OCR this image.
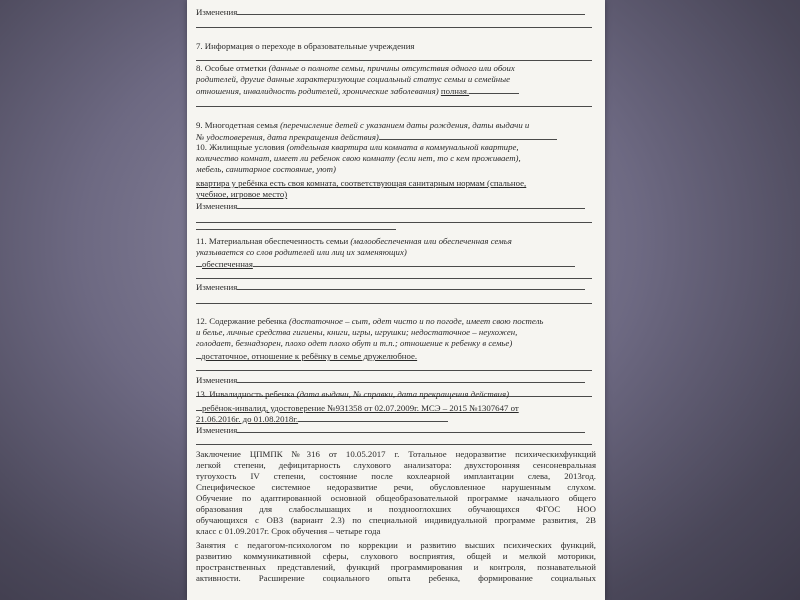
Изменения
7. Информация о переходе в образовательные учреждения
8. Особые отметки (данные о полноте семьи, причины отсутствия одного или обоих
родителей, другие данные характеризующие социальный статус семьи и семейные
отношения, инвалидность родителей, хронические заболевания) полная.
9. Многодетная семья (перечисление детей с указанием даты рождения, даты выдачи и
№ удостоверения, дата прекращения действия)
10. Жилищные условия (отдельная квартира или комната в коммунальной квартире,
количество комнат, имеет ли ребенок свою комнату (если нет, то с кем проживает),
мебель, санитарное состояние, уют)
квартира у ребёнка есть своя комната, соответствующая санитарным нормам (спальное,
учебное, игровое место)
Изменения
11. Материальная обеспеченность семьи (малообеспеченная или обеспеченная семья
указывается со слов родителей или лиц их заменяющих)
обеспеченная
Изменения
12. Содержание ребенка (достаточное – сыт, одет чисто и по погоде, имеет свою постель
и белье, личные средства гигиены, книги, игры, игрушки; недостаточное – неухожен,
голодает, безнадзорен, плохо одет плохо обут и т.п.; отношение к ребенку в семье)
достаточное, отношение к ребёнку в семье дружелюбное.
Изменения
13. Инвалидность ребенка (дата выдачи, № справки, дата прекращения действия)
ребёнок-инвалид, удостоверение №931358 от 02.07.2009г. МСЭ – 2015 №1307647 от
21.06.2016г. до 01.08.2018г.
Изменения
Заключение ЦПМПК №316 от 10.05.2017 г. Тотальное недоразвитие психическихфункций
легкой степени, дефицитарность слухового анализатора: двухсторонняя сенсоневральная
тугоухость IV степени, состояние после кохлеарной имплантации слева, 2013год.
Специфическое системное недоразвитие речи, обусловленное нарушенным слухом.
Обучение по адаптированной основной общеобразовательной программе начального общего
образования для слабослышащих и позднооглохших обучающихся ФГОС НОО
обучающихся с ОВЗ (вариант 2.3) по специальной индивидуальной программе развития, 2В
класс с 01.09.2017г. Срок обучения – четыре года
Занятия с педагогом-психологом по коррекции и развитию высших психических функций,
развитию коммуникативной сферы, слухового восприятия, общей и мелкой моторики,
пространственных представлений, функций программирования и контроля, познавательной
активности. Расширение социального опыта ребенка, формирование социальных
